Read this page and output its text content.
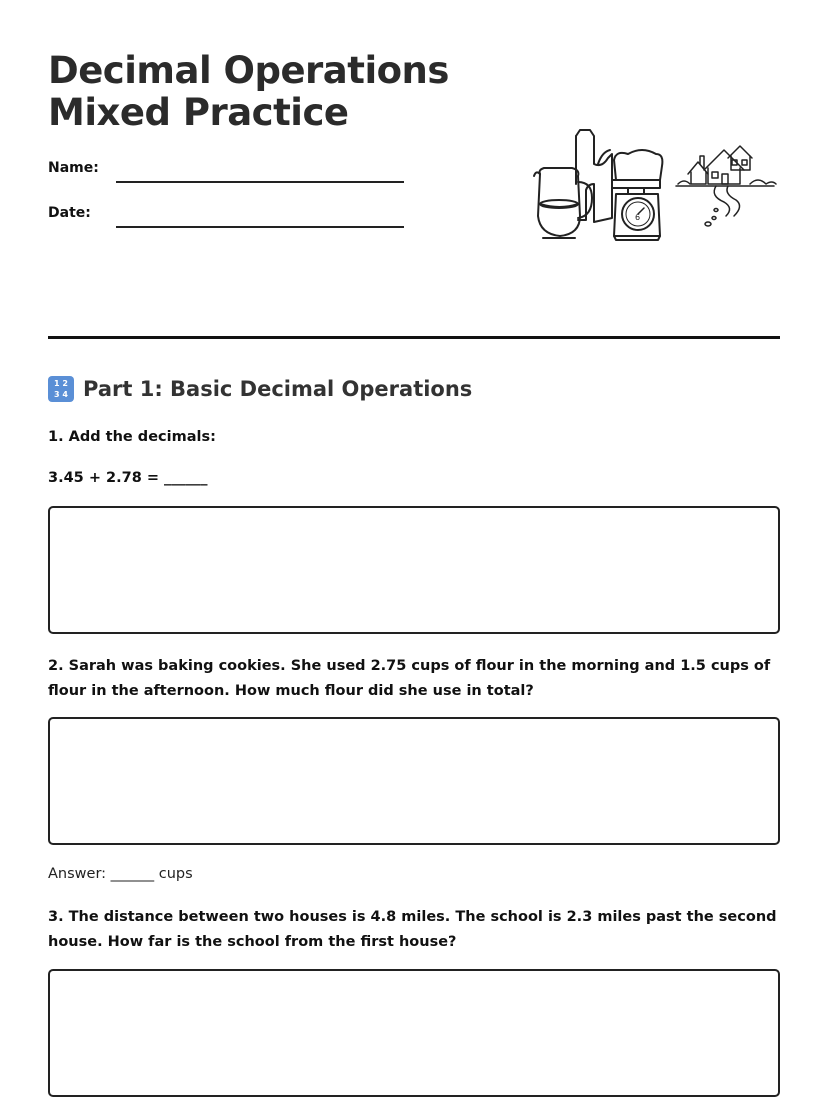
Decimal Operations
Mixed Practice
Name:
Date:	6
1 2
3 4 Part 1: Basic Decimal Operations

1. Add the decimals:

3.45 + 2.78 = ______

2. Sarah was baking cookies. She used 2.75 cups of flour in the morning and 1.5 cups of flour in the afternoon. How much flour did she use in total?

Answer: ______ cups

3. The distance between two houses is 4.8 miles. The school is 2.3 miles past the second house. How far is the school from the first house?
